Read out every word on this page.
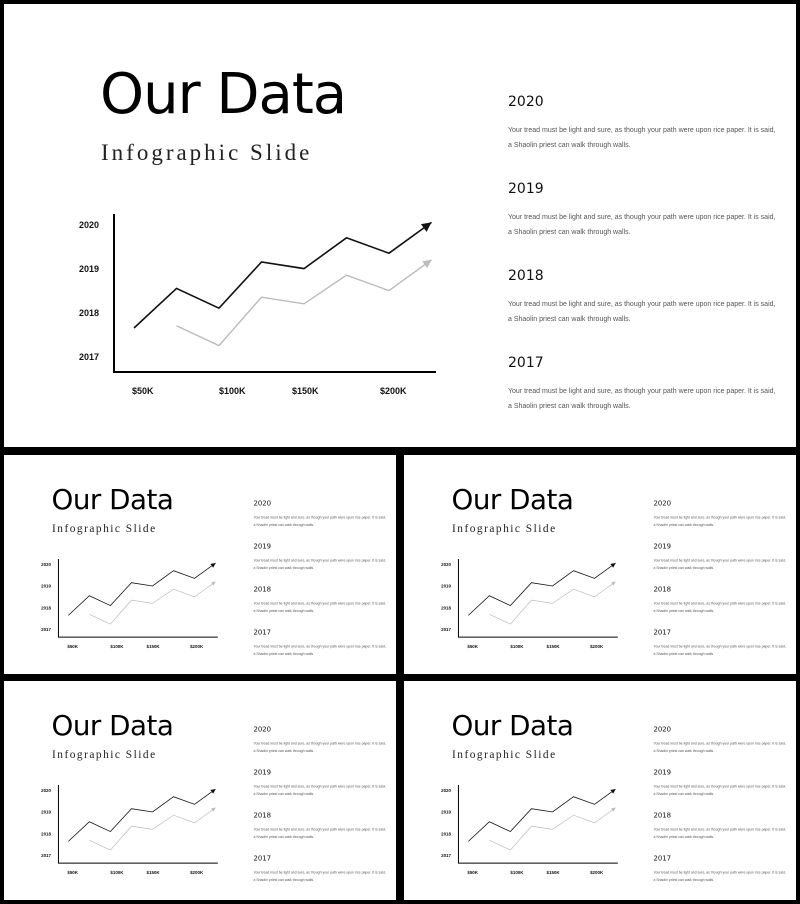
Our Data

Infographic Slide

2020
2019
2018
2017
$50K	$100K	$150K	$200K

2020

Your tread must be light and sure, as though your path were upon rice paper. It is said, a Shaolin priest can walk through walls.

2019

Your tread must be light and sure, as though your path were upon rice paper. It is said, a Shaolin priest can walk through walls.

2018

Your tread must be light and sure, as though your path were upon rice paper. It is said, a Shaolin priest can walk through walls.

2017

Your tread must be light and sure, as though your path were upon rice paper. It is said, a Shaolin priest can walk through walls.

Our Data

Infographic Slide

2020
2019
2018
2017
$50K	$100K	$150K	$200K

2020

Your tread must be light and sure, as though your path were upon rice paper. It is said, a Shaolin priest can walk through walls.

2019

Your tread must be light and sure, as though your path were upon rice paper. It is said, a Shaolin priest can walk through walls.

2018

Your tread must be light and sure, as though your path were upon rice paper. It is said, a Shaolin priest can walk through walls.

2017

Your tread must be light and sure, as though your path were upon rice paper. It is said, a Shaolin priest can walk through walls.

Our Data

Infographic Slide

2020
2019
2018
2017
$50K	$100K	$150K	$200K

2020

Your tread must be light and sure, as though your path were upon rice paper. It is said, a Shaolin priest can walk through walls.

2019

Your tread must be light and sure, as though your path were upon rice paper. It is said, a Shaolin priest can walk through walls.

2018

Your tread must be light and sure, as though your path were upon rice paper. It is said, a Shaolin priest can walk through walls.

2017

Your tread must be light and sure, as though your path were upon rice paper. It is said, a Shaolin priest can walk through walls.

Our Data

Infographic Slide

2020
2019
2018
2017
$50K	$100K	$150K	$200K

2020

Your tread must be light and sure, as though your path were upon rice paper. It is said, a Shaolin priest can walk through walls.

2019

Your tread must be light and sure, as though your path were upon rice paper. It is said, a Shaolin priest can walk through walls.

2018

Your tread must be light and sure, as though your path were upon rice paper. It is said, a Shaolin priest can walk through walls.

2017

Your tread must be light and sure, as though your path were upon rice paper. It is said, a Shaolin priest can walk through walls.

Our Data

Infographic Slide

2020
2019
2018
2017
$50K	$100K	$150K	$200K

2020

Your tread must be light and sure, as though your path were upon rice paper. It is said, a Shaolin priest can walk through walls.

2019

Your tread must be light and sure, as though your path were upon rice paper. It is said, a Shaolin priest can walk through walls.

2018

Your tread must be light and sure, as though your path were upon rice paper. It is said, a Shaolin priest can walk through walls.

2017

Your tread must be light and sure, as though your path were upon rice paper. It is said, a Shaolin priest can walk through walls.
